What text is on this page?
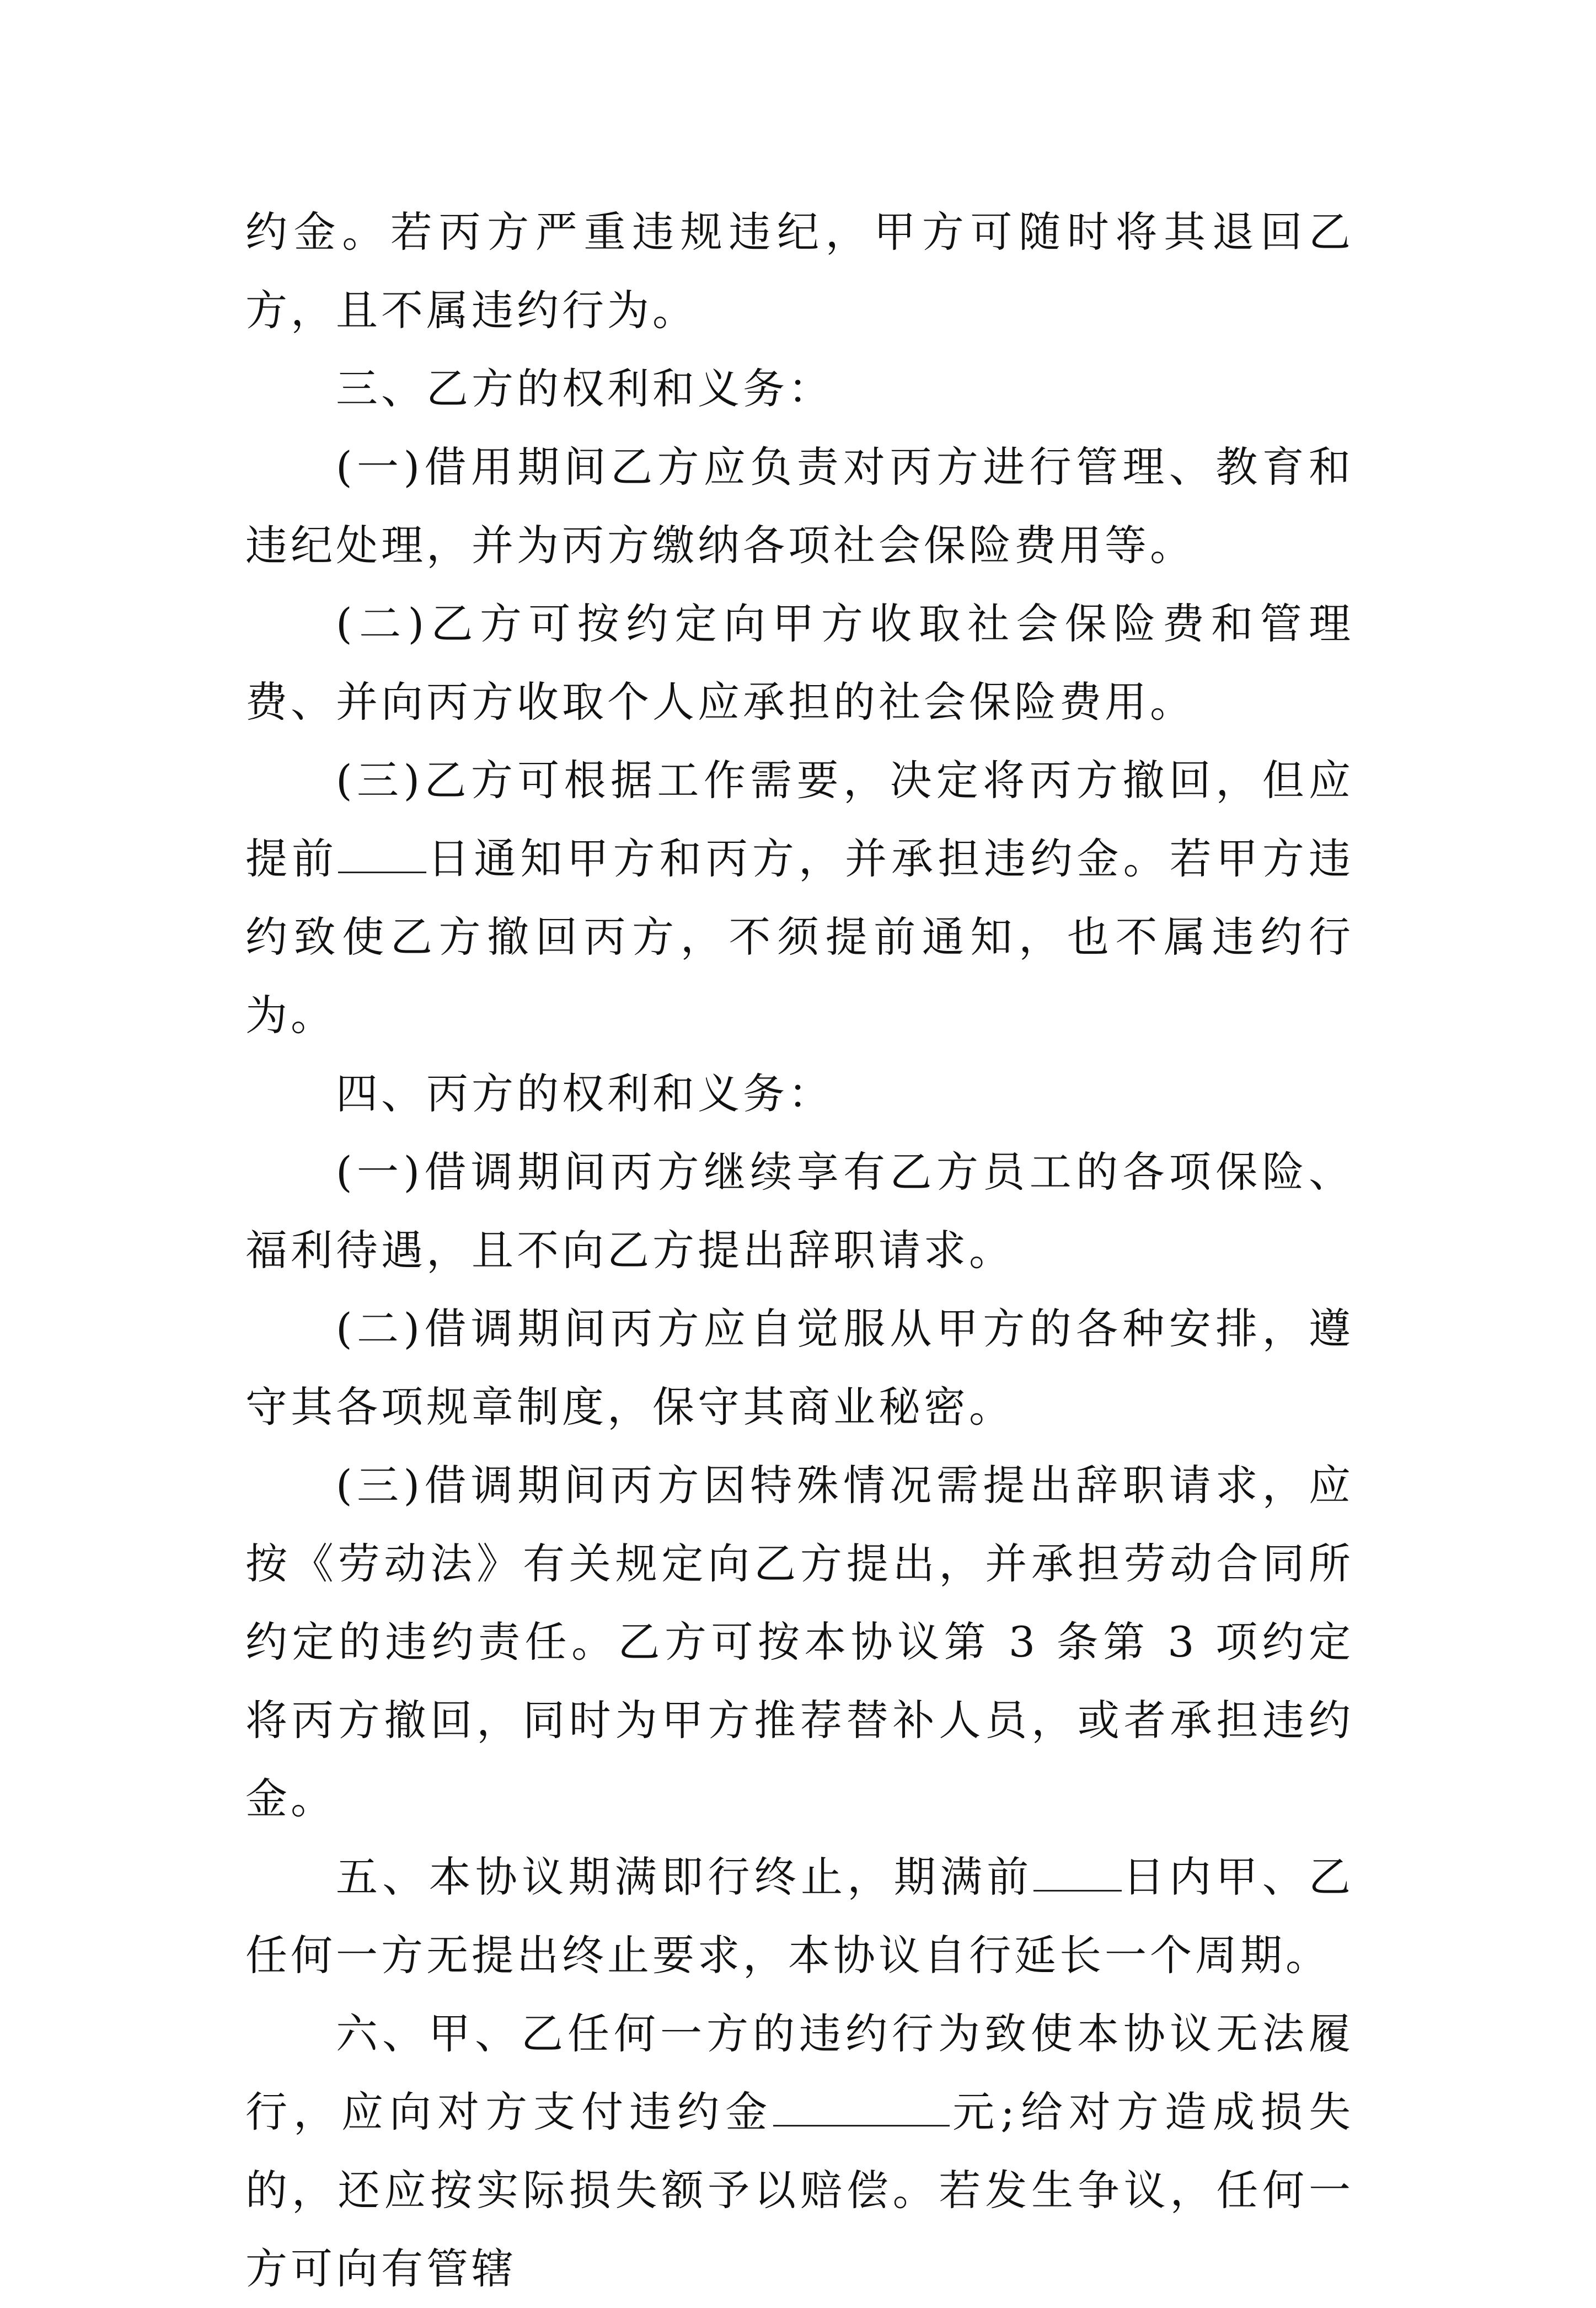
约金。若丙方严重违规违纪，甲方可随时将其退回乙方，且不属违约行为。

三、乙方的权利和义务：

(一)借用期间乙方应负责对丙方进行管理、教育和违纪处理，并为丙方缴纳各项社会保险费用等。

(二)乙方可按约定向甲方收取社会保险费和管理费、并向丙方收取个人应承担的社会保险费用。

(三)乙方可根据工作需要，决定将丙方撤回，但应提前 日通知甲方和丙方，并承担违约金。若甲方违约致使乙方撤回丙方，不须提前通知，也不属违约行为。

四、丙方的权利和义务：

(一)借调期间丙方继续享有乙方员工的各项保险、福利待遇，且不向乙方提出辞职请求。

(二)借调期间丙方应自觉服从甲方的各种安排，遵守其各项规章制度，保守其商业秘密。

(三)借调期间丙方因特殊情况需提出辞职请求，应按《劳动法》有关规定向乙方提出，并承担劳动合同所约定的违约责任。乙方可按本协议第 3 条第 3 项约定将丙方撤回，同时为甲方推荐替补人员，或者承担违约金。

五、本协议期满即行终止，期满前 日内甲、乙任何一方无提出终止要求，本协议自行延长一个周期。

六、甲、乙任何一方的违约行为致使本协议无法履行，应向对方支付违约金	元;给对方造成损失的，还应按实际损失额予以赔偿。若发生争议，任何一方可向有管辖
